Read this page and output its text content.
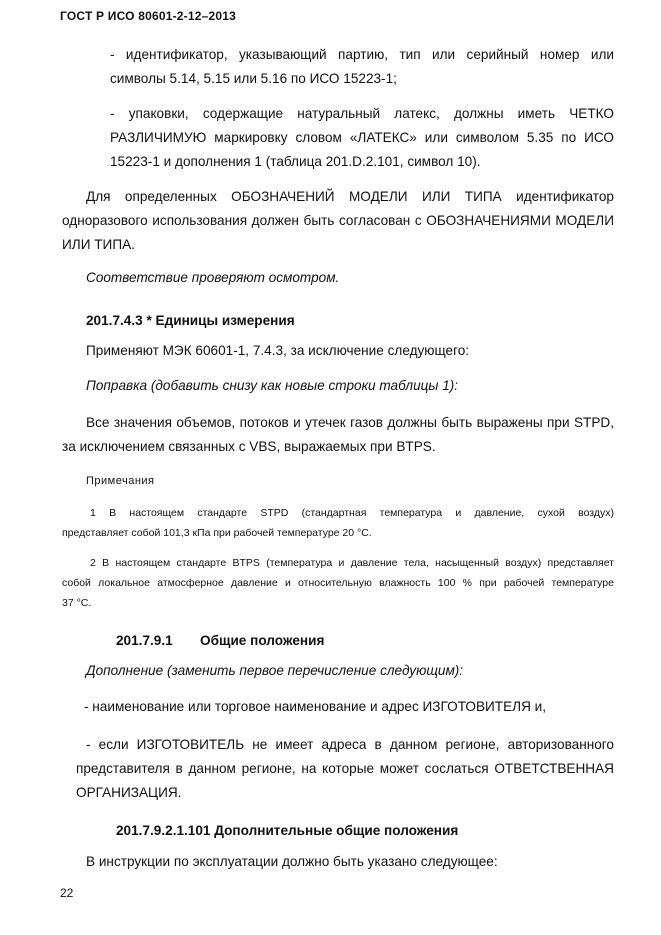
ГОСТ Р ИСО 80601-2-12–2013
- идентификатор, указывающий партию, тип или серийный номер или
символы 5.14, 5.15 или 5.16 по ИСО 15223-1;
- упаковки, содержащие натуральный латекс, должны иметь ЧЕТКО
РАЗЛИЧИМУЮ маркировку словом «ЛАТЕКС» или символом 5.35 по ИСО
15223-1 и дополнения 1 (таблица 201.D.2.101, символ 10).
Для определенных ОБОЗНАЧЕНИЙ МОДЕЛИ ИЛИ ТИПА идентификатор
одноразового использования должен быть согласован с ОБОЗНАЧЕНИЯМИ МОДЕЛИ
ИЛИ ТИПА.
Соответствие проверяют осмотром.
201.7.4.3 * Единицы измерения
Применяют МЭК 60601-1, 7.4.3, за исключение следующего:
Поправка (добавить снизу как новые строки таблицы 1):
Все значения объемов, потоков и утечек газов должны быть выражены при STPD,
за исключением связанных с VBS, выражаемых при BTPS.
Примечания
1 В настоящем стандарте STPD (стандартная температура и давление, сухой воздух)
представляет собой 101,3 кПа при рабочей температуре 20 °С.
2 В настоящем стандарте BTPS (температура и давление тела, насыщенный воздух) представляет
собой локальное атмосферное давление и относительную влажность 100 % при рабочей температуре
37 °С.
201.7.9.1 Общие положения
Дополнение (заменить первое перечисление следующим):
- наименование или торговое наименование и адрес ИЗГОТОВИТЕЛЯ и,
- если ИЗГОТОВИТЕЛЬ не имеет адреса в данном регионе, авторизованного
представителя в данном регионе, на которые может сослаться ОТВЕТСТВЕННАЯ
ОРГАНИЗАЦИЯ.
201.7.9.2.1.101 Дополнительные общие положения
В инструкции по эксплуатации должно быть указано следующее:
22
